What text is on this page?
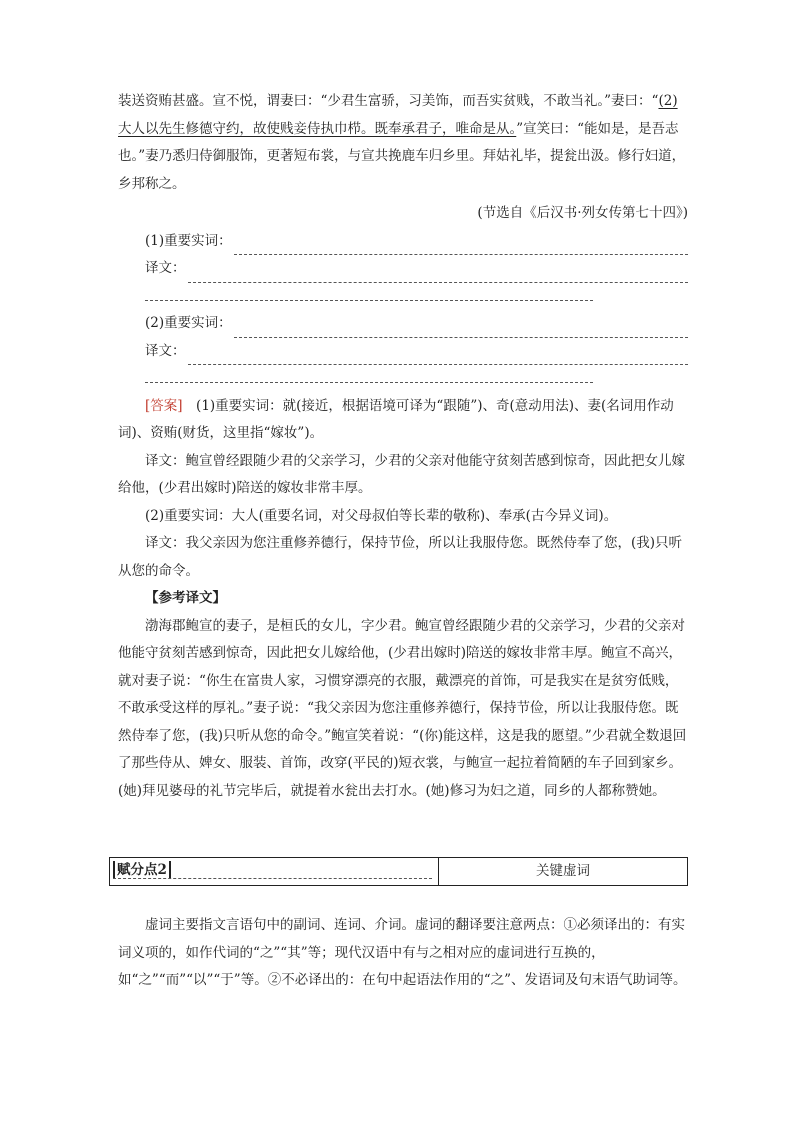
装送资贿甚盛。宣不悦，谓妻曰：“少君生富骄，习美饰，而吾实贫贱，不敢当礼。”妻曰：“(2)大人以先生修德守约，故使贱妾侍执巾栉。既奉承君子，唯命是从。”宣笑曰：“能如是，是吾志也。”妻乃悉归侍御服饰，更著短布裳，与宣共挽鹿车归乡里。拜姑礼毕，提瓮出汲。修行妇道，乡邦称之。

(节选自《后汉书·列女传第七十四》)

(1)重要实词：
译文：
(2)重要实词：
译文：

[答案]　 (1)重要实词：就(接近，根据语境可译为“跟随”)、奇(意动用法)、妻(名词用作动词)、资贿(财货，这里指“嫁妆”)。

译文：鲍宣曾经跟随少君的父亲学习，少君的父亲对他能守贫刻苦感到惊奇，因此把女儿嫁给他，(少君出嫁时)陪送的嫁妆非常丰厚。

(2)重要实词：大人(重要名词，对父母叔伯等长辈的敬称)、奉承(古今异义词)。

译文：我父亲因为您注重修养德行，保持节俭，所以让我服侍您。既然侍奉了您，(我)只听从您的命令。

【参考译文】

渤海郡鲍宣的妻子，是桓氏的女儿，字少君。鲍宣曾经跟随少君的父亲学习，少君的父亲对他能守贫刻苦感到惊奇，因此把女儿嫁给他，(少君出嫁时)陪送的嫁妆非常丰厚。鲍宣不高兴，就对妻子说：“你生在富贵人家，习惯穿漂亮的衣服，戴漂亮的首饰，可是我实在是贫穷低贱，不敢承受这样的厚礼。”妻子说：“我父亲因为您注重修养德行，保持节俭，所以让我服侍您。既然侍奉了您，(我)只听从您的命令。”鲍宣笑着说：“(你)能这样，这是我的愿望。”少君就全数退回了那些侍从、婢女、服装、首饰，改穿(平民的)短衣裳，与鲍宣一起拉着简陋的车子回到家乡。(她)拜见婆母的礼节完毕后，就提着水瓮出去打水。(她)修习为妇之道，同乡的人都称赞她。

赋分点2	关键虚词

虚词主要指文言语句中的副词、连词、介词。虚词的翻译要注意两点：①必须译出的：有实词义项的，如作代词的“之”“其”等；现代汉语中有与之相对应的虚词进行互换的，如“之”“而”“以”“于”等。②不必译出的：在句中起语法作用的“之”、发语词及句末语气助词等。
